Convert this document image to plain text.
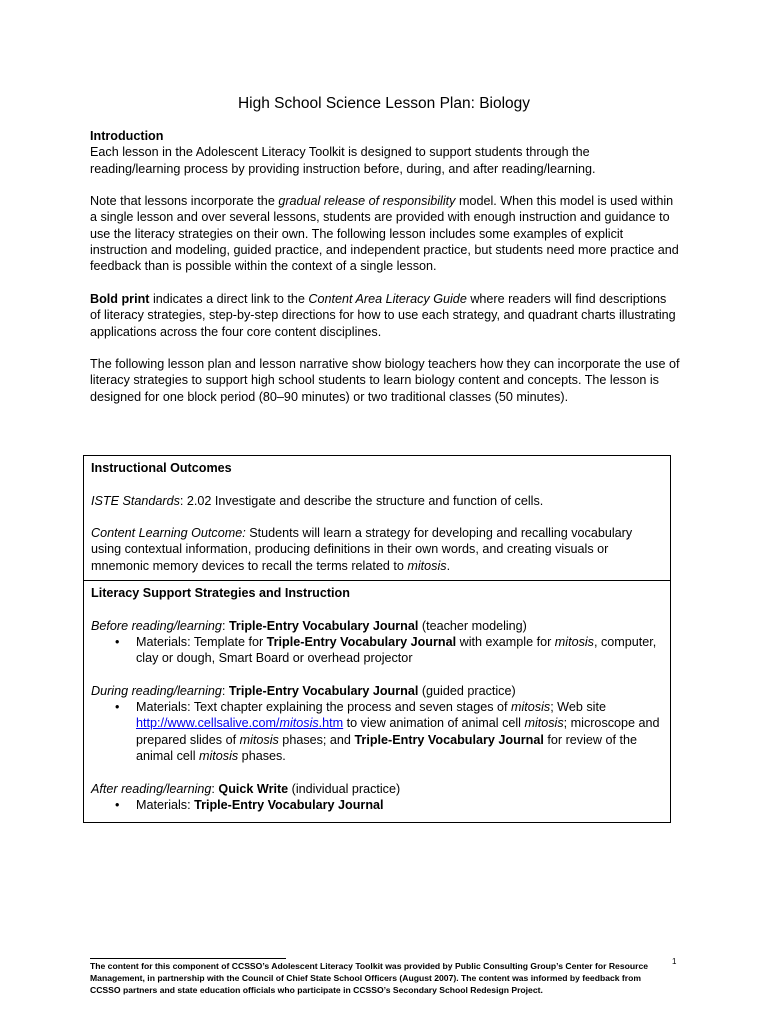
High School Science Lesson Plan: Biology

Introduction

Each lesson in the Adolescent Literacy Toolkit is designed to support students through the reading/learning process by providing instruction before, during, and after reading/learning.

Note that lessons incorporate the gradual release of responsibility model. When this model is used within a single lesson and over several lessons, students are provided with enough instruction and guidance to use the literacy strategies on their own. The following lesson includes some examples of explicit instruction and modeling, guided practice, and independent practice, but students need more practice and feedback than is possible within the context of a single lesson.

Bold print indicates a direct link to the Content Area Literacy Guide where readers will find descriptions of literacy strategies, step-by-step directions for how to use each strategy, and quadrant charts illustrating applications across the four core content disciplines.

The following lesson plan and lesson narrative show biology teachers how they can incorporate the use of literacy strategies to support high school students to learn biology content and concepts. The lesson is designed for one block period (80–90 minutes) or two traditional classes (50 minutes).

Instructional Outcomes

ISTE Standards: 2.02 Investigate and describe the structure and function of cells.

Content Learning Outcome: Students will learn a strategy for developing and recalling vocabulary using contextual information, producing definitions in their own words, and creating visuals or mnemonic memory devices to recall the terms related to mitosis.

Literacy Support Strategies and Instruction

Before reading/learning: Triple-Entry Vocabulary Journal (teacher modeling)

• Materials: Template for Triple-Entry Vocabulary Journal with example for mitosis, computer, clay or dough, Smart Board or overhead projector

During reading/learning: Triple-Entry Vocabulary Journal (guided practice)

• Materials: Text chapter explaining the process and seven stages of mitosis; Web site http://www.cellsalive.com/mitosis.htm to view animation of animal cell mitosis; microscope and prepared slides of mitosis phases; and Triple-Entry Vocabulary Journal for review of the animal cell mitosis phases.

After reading/learning: Quick Write (individual practice)

• Materials: Triple-Entry Vocabulary Journal

The content for this component of CCSSO’s Adolescent Literacy Toolkit was provided by Public Consulting Group’s Center for Resource Management, in partnership with the Council of Chief State School Officers (August 2007). The content was informed by feedback from CCSSO partners and state education officials who participate in CCSSO’s Secondary School Redesign Project.
1
